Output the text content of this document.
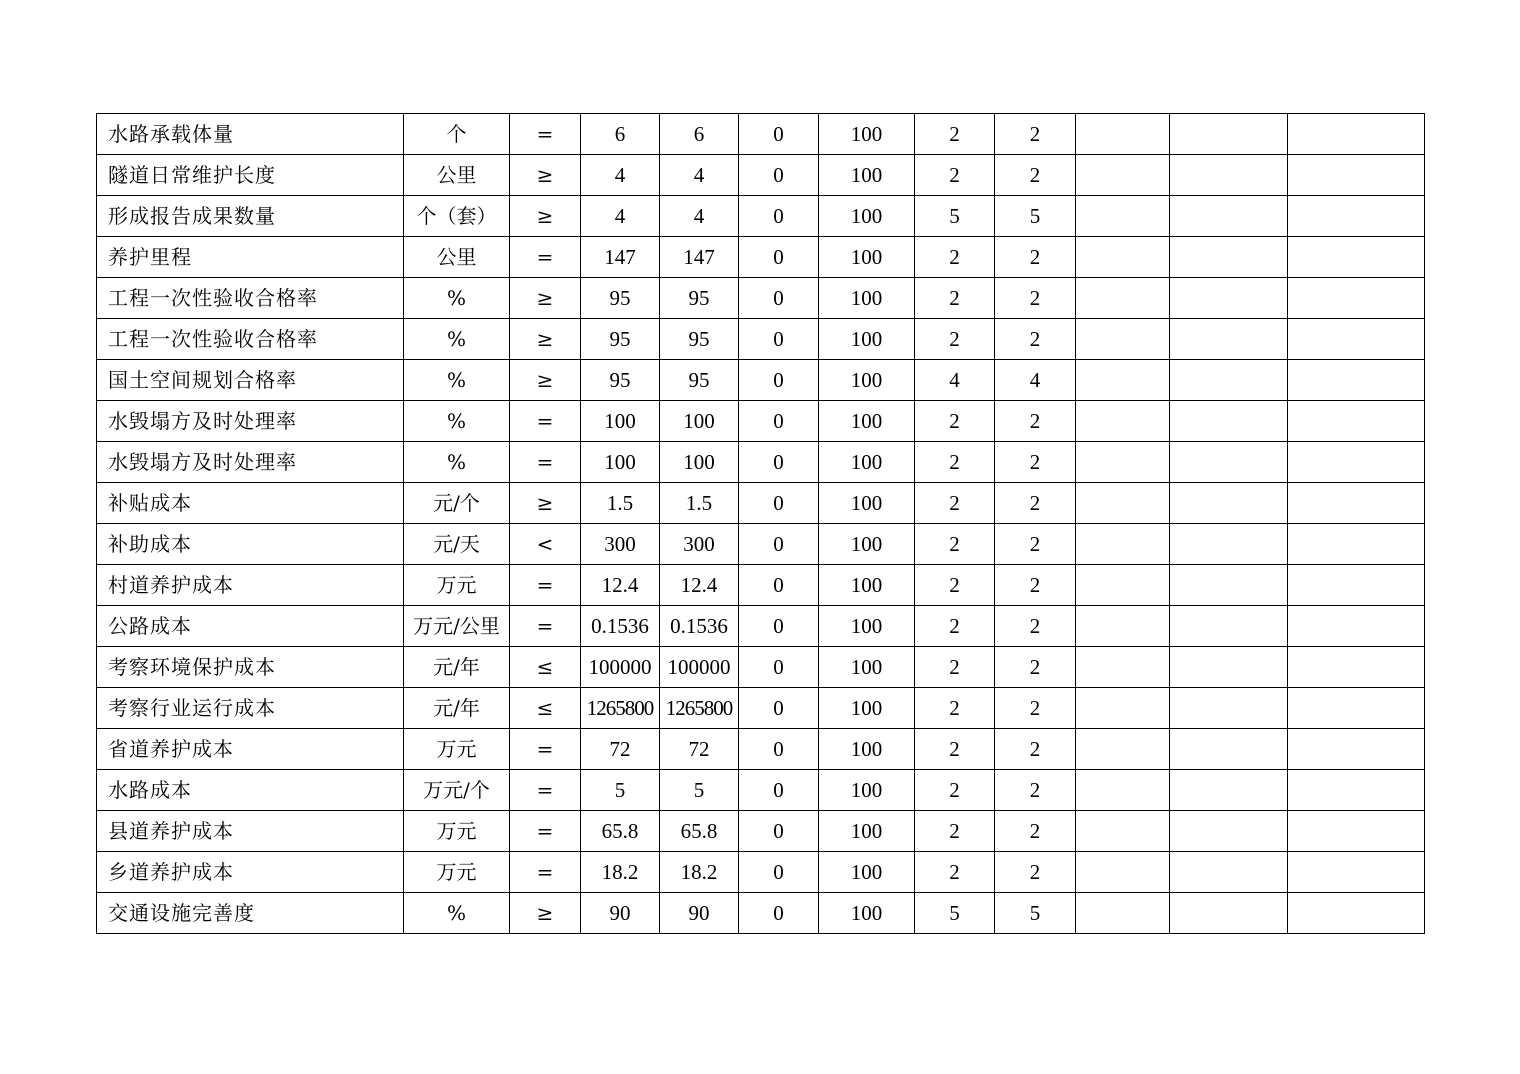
水路承载体量	个	=	6	6	0	100	2	2			
隧道日常维护长度	公里	≥	4	4	0	100	2	2			
形成报告成果数量	个（套）	≥	4	4	0	100	5	5			
养护里程	公里	=	147	147	0	100	2	2			
工程一次性验收合格率	%	≥	95	95	0	100	2	2			
工程一次性验收合格率	%	≥	95	95	0	100	2	2			
国土空间规划合格率	%	≥	95	95	0	100	4	4			
水毁塌方及时处理率	%	=	100	100	0	100	2	2			
水毁塌方及时处理率	%	=	100	100	0	100	2	2			
补贴成本	元/个	≥	1.5	1.5	0	100	2	2			
补助成本	元/天	<	300	300	0	100	2	2			
村道养护成本	万元	=	12.4	12.4	0	100	2	2			
公路成本	万元/公里	=	0.1536	0.1536	0	100	2	2			
考察环境保护成本	元/年	≤	100000	100000	0	100	2	2			
考察行业运行成本	元/年	≤	1265800	1265800	0	100	2	2			
省道养护成本	万元	=	72	72	0	100	2	2			
水路成本	万元/个	=	5	5	0	100	2	2			
县道养护成本	万元	=	65.8	65.8	0	100	2	2			
乡道养护成本	万元	=	18.2	18.2	0	100	2	2			
交通设施完善度	%	≥	90	90	0	100	5	5			
